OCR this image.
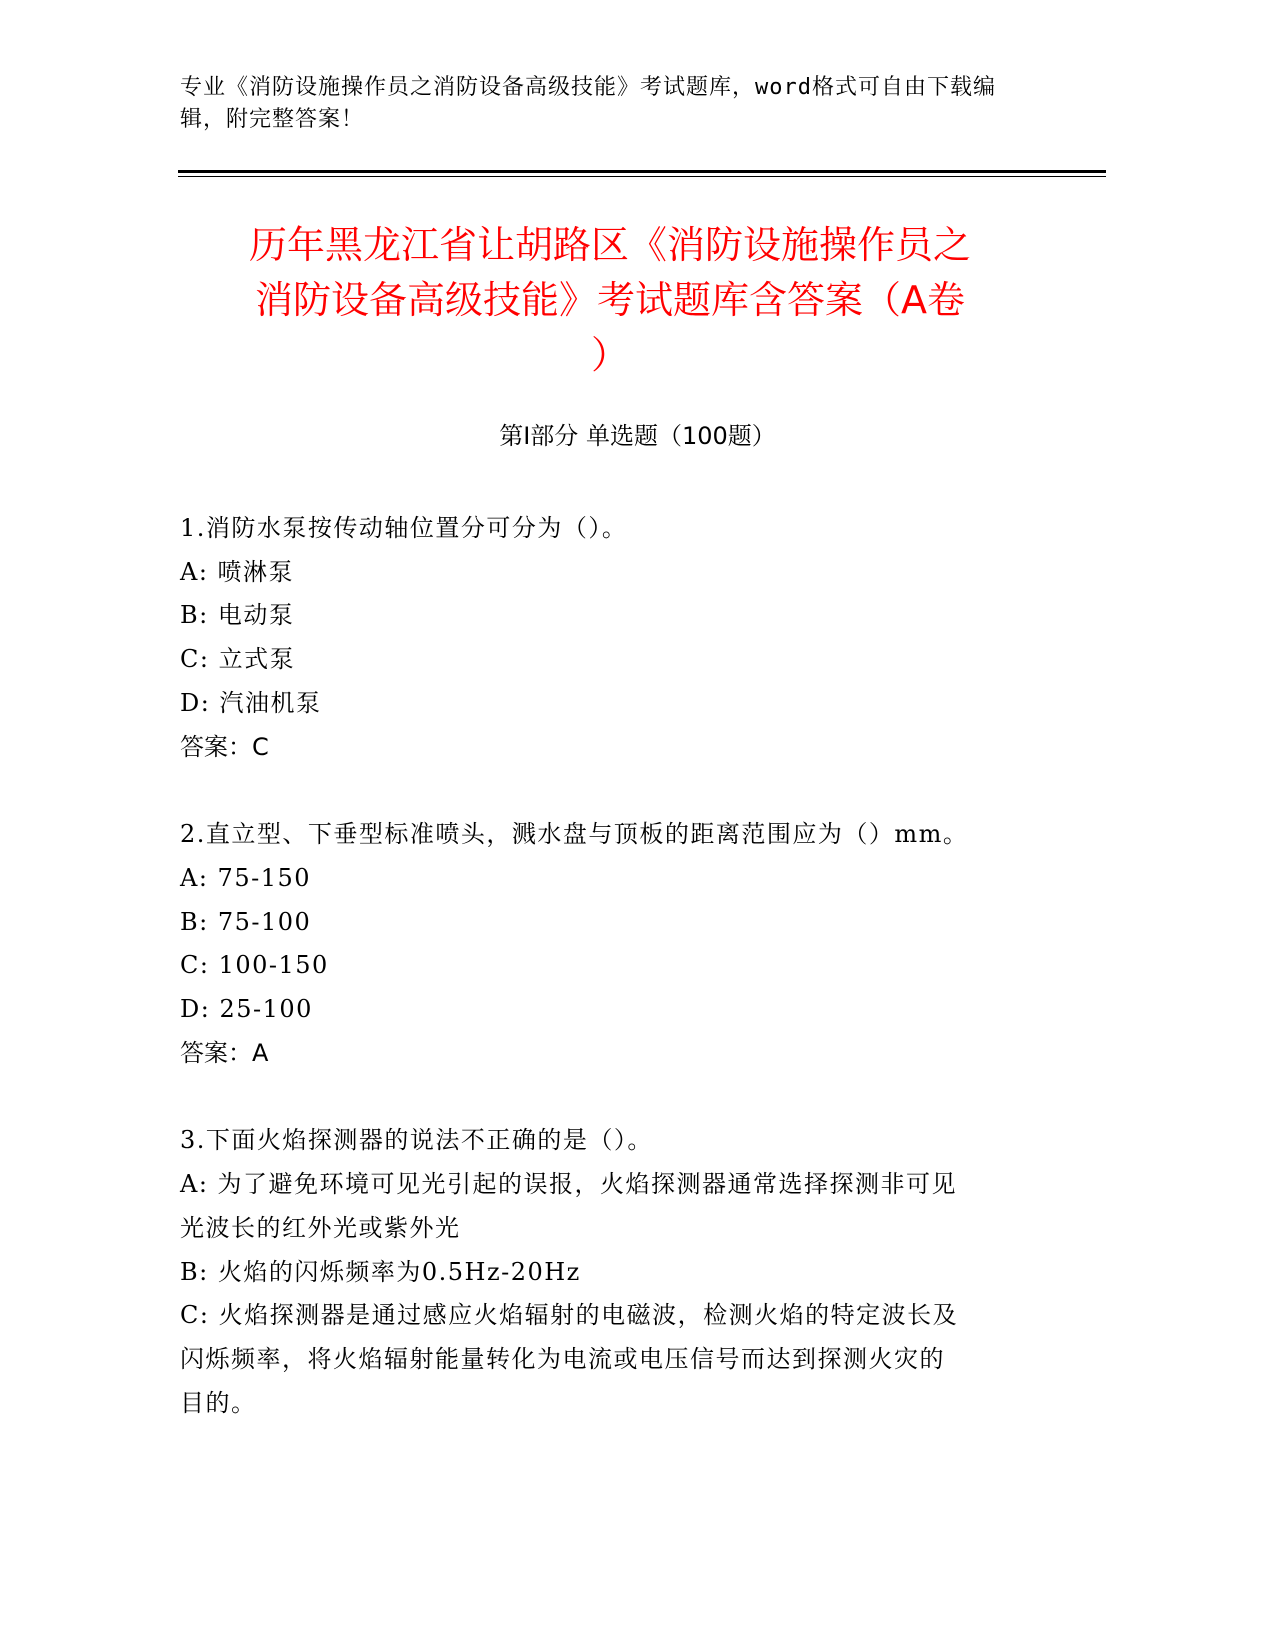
专业《消防设施操作员之消防设备高级技能》考试题库，word格式可自由下载编
辑，附完整答案！
历年黑龙江省让胡路区《消防设施操作员之
消防设备高级技能》考试题库含答案（A卷
）
第Ⅰ部分 单选题（100题）
1.消防水泵按传动轴位置分可分为（）。
A: 喷淋泵
B: 电动泵
C: 立式泵
D: 汽油机泵
答案：C
2.直立型、下垂型标准喷头，溅水盘与顶板的距离范围应为（）mm。
A: 75-150
B: 75-100
C: 100-150
D: 25-100
答案：A
3.下面火焰探测器的说法不正确的是（）。
A: 为了避免环境可见光引起的误报，火焰探测器通常选择探测非可见
光波长的红外光或紫外光
B: 火焰的闪烁频率为0.5Hz-20Hz
C: 火焰探测器是通过感应火焰辐射的电磁波，检测火焰的特定波长及
闪烁频率，将火焰辐射能量转化为电流或电压信号而达到探测火灾的
目的。
